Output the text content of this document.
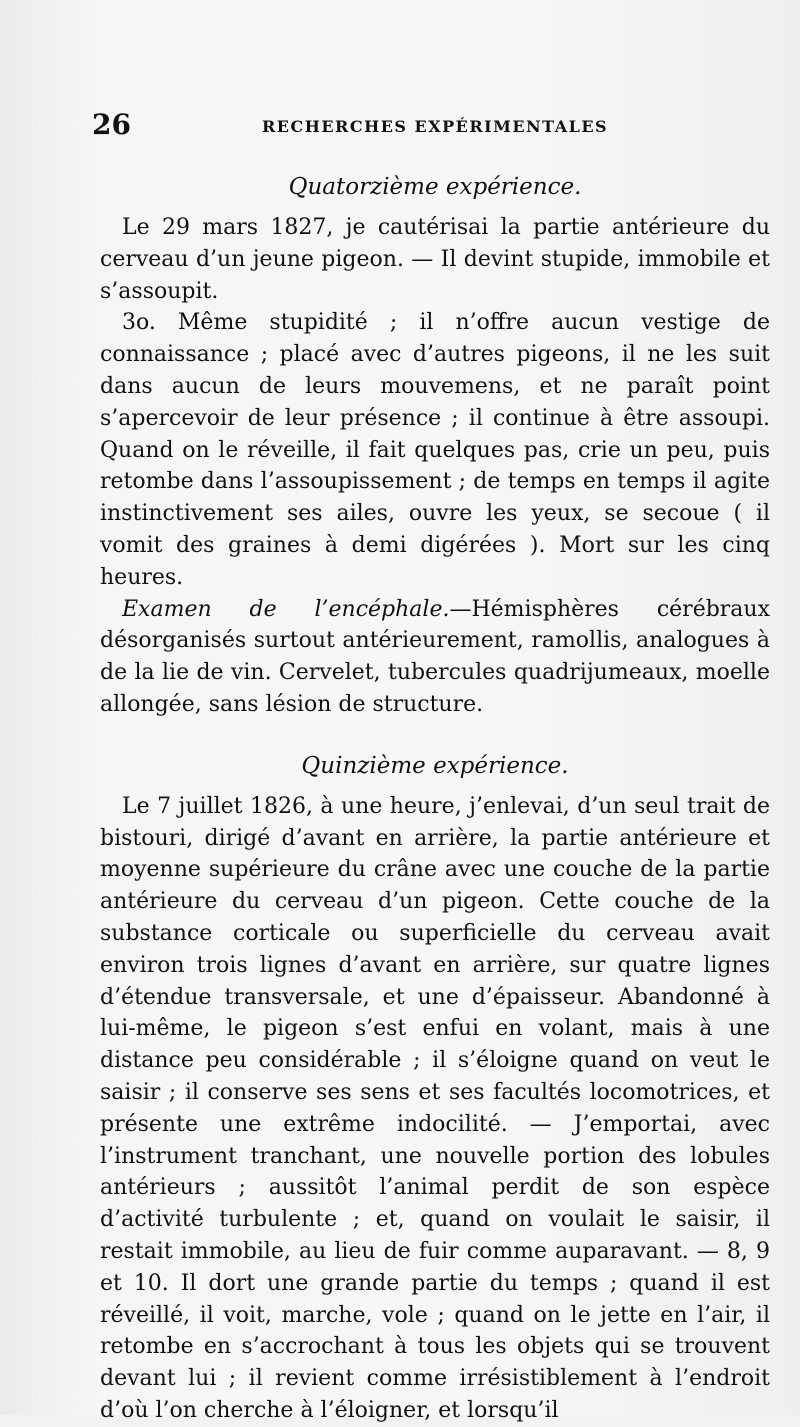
26	RECHERCHES EXPÉRIMENTALES

Quatorzième expérience.

Le 29 mars 1827, je cautérisai la partie antérieure du cerveau d’un jeune pigeon. — Il devint stupide, immobile et s’assoupit.

3o. Même stupidité ; il n’offre aucun vestige de connaissance ; placé avec d’autres pigeons, il ne les suit dans aucun de leurs mouvemens, et ne paraît point s’apercevoir de leur présence ; il continue à être assoupi. Quand on le réveille, il fait quelques pas, crie un peu, puis retombe dans l’assoupissement ; de temps en temps il agite instinctivement ses ailes, ouvre les yeux, se secoue ( il vomit des graines à demi digérées ). Mort sur les cinq heures.

Examen de l’encéphale.—Hémisphères cérébraux désorganisés surtout antérieurement, ramollis, analogues à de la lie de vin. Cervelet, tubercules quadrijumeaux, moelle allongée, sans lésion de structure.

Quinzième expérience.

Le 7 juillet 1826, à une heure, j’enlevai, d’un seul trait de bistouri, dirigé d’avant en arrière, la partie antérieure et moyenne supérieure du crâne avec une couche de la partie antérieure du cerveau d’un pigeon. Cette couche de la substance corticale ou superficielle du cerveau avait environ trois lignes d’avant en arrière, sur quatre lignes d’étendue transversale, et une d’épaisseur. Abandonné à lui-même, le pigeon s’est enfui en volant, mais à une distance peu considérable ; il s’éloigne quand on veut le saisir ; il conserve ses sens et ses facultés locomotrices, et présente une extrême indocilité. — J’emportai, avec l’instrument tranchant, une nouvelle portion des lobules antérieurs ; aussitôt l’animal perdit de son espèce d’activité turbulente ; et, quand on voulait le saisir, il restait immobile, au lieu de fuir comme auparavant. — 8, 9 et 10. Il dort une grande partie du temps ; quand il est réveillé, il voit, marche, vole ; quand on le jette en l’air, il retombe en s’accrochant à tous les objets qui se trouvent devant lui ; il revient comme irrésistiblement à l’endroit d’où l’on cherche à l’éloigner, et lorsqu’il
